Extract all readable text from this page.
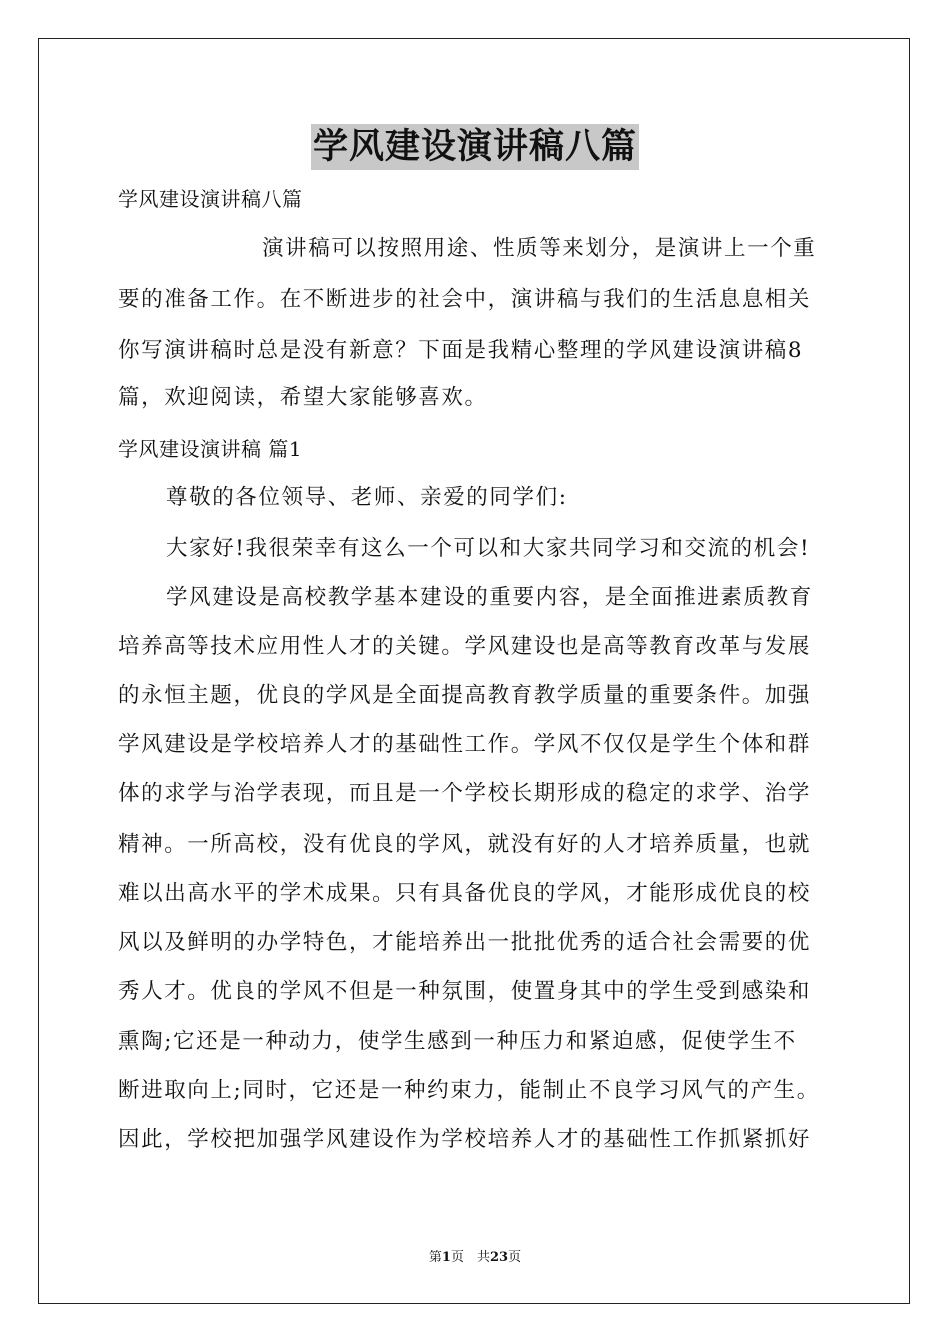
学风建设演讲稿八篇
学风建设演讲稿八篇
演讲稿可以按照用途、性质等来划分，是演讲上一个重
要的准备工作。在不断进步的社会中，演讲稿与我们的生活息息相关
你写演讲稿时总是没有新意？下面是我精心整理的学风建设演讲稿8
篇，欢迎阅读，希望大家能够喜欢。
学风建设演讲稿 篇1
尊敬的各位领导、老师、亲爱的同学们:
大家好!我很荣幸有这么一个可以和大家共同学习和交流的机会!
学风建设是高校教学基本建设的重要内容，是全面推进素质教育
培养高等技术应用性人才的关键。学风建设也是高等教育改革与发展
的永恒主题，优良的学风是全面提高教育教学质量的重要条件。加强
学风建设是学校培养人才的基础性工作。学风不仅仅是学生个体和群
体的求学与治学表现，而且是一个学校长期形成的稳定的求学、治学
精神。一所高校，没有优良的学风，就没有好的人才培养质量，也就
难以出高水平的学术成果。只有具备优良的学风，才能形成优良的校
风以及鲜明的办学特色，才能培养出一批批优秀的适合社会需要的优
秀人才。优良的学风不但是一种氛围，使置身其中的学生受到感染和
熏陶;它还是一种动力，使学生感到一种压力和紧迫感，促使学生不
断进取向上;同时，它还是一种约束力，能制止不良学习风气的产生。
因此，学校把加强学风建设作为学校培养人才的基础性工作抓紧抓好
第1页　共23页
